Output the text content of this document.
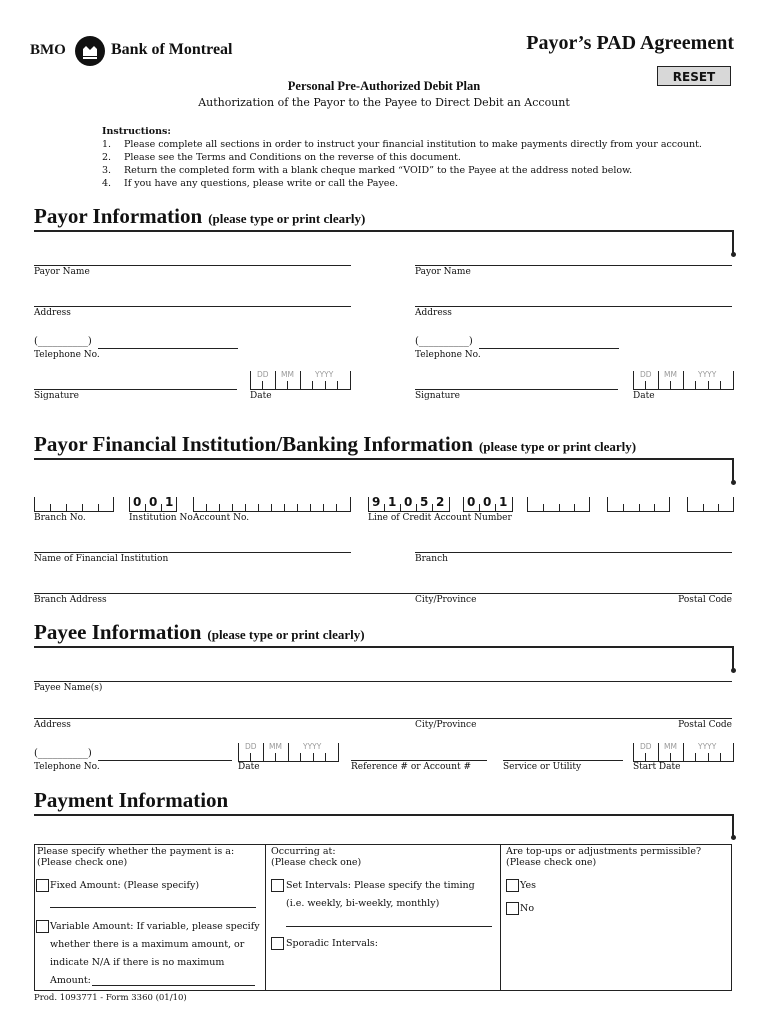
BMO	Bank of Montreal	Payor’s PAD Agreement
RESET
Personal Pre-Authorized Debit Plan
Authorization of the Payor to the Payee to Direct Debit an Account
Instructions:
1. Please complete all sections in order to instruct your financial institution to make payments directly from your account.
2. Please see the Terms and Conditions on the reverse of this document.
3. Return the completed form with a blank cheque marked “VOID” to the Payee at the address noted below.
4. If you have any questions, please write or call the Payee.
Payor Information (please type or print clearly)
Payor Name
Address
(__________)
Telephone No.
Signature
DD MM	YYYY
Date
Payor Name
Address
(__________)
Telephone No.
Signature
DD MM	YYYY
Date
Payor Financial Institution/Banking Information (please type or print clearly)
Branch No.
0 0 1
Institution No.
Account No.
9 1 0 5 2 0 0 1
Line of Credit Account Number
Name of Financial Institution	Branch
Branch Address	City/Province	Postal Code
Payee Information (please type or print clearly)
Payee Name(s)
Address	City/Province	Postal Code
(__________)
Telephone No.
DD MM	YYYY
Date	Reference # or Account #	Service or Utility
DD MM	YYYY
Start Date
Payment Information
Please specify whether the payment is a:
(Please check one)
Fixed Amount: (Please specify)
Variable Amount: If variable, please specify
whether there is a maximum amount, or
indicate N/A if there is no maximum
Amount:
Occurring at:
(Please check one)
Set Intervals: Please specify the timing
(i.e. weekly, bi-weekly, monthly)
Sporadic Intervals:
Are top-ups or adjustments permissible?
(Please check one)
Yes
No
Prod. 1093771 - Form 3360 (01/10)
